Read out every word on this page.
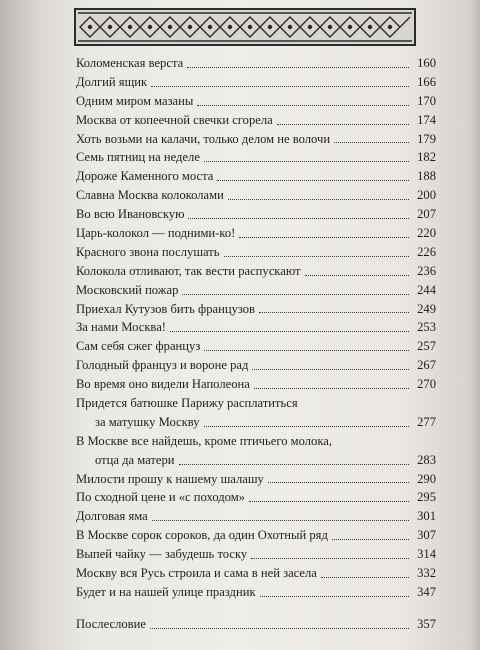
Коломенская верста	160
Долгий ящик	166
Одним миром мазаны	170
Москва от копеечной свечки сгорела	174
Хоть возьми на калачи, только делом не волочи	179
Семь пятниц на неделе	182
Дороже Каменного моста	188
Славна Москва колоколами	200
Во всю Ивановскую	207
Царь-колокол — подними-ко!	220
Красного звона послушать	226
Колокола отливают, так вести распускают	236
Московский пожар	244
Приехал Кутузов бить французов	249
За нами Москва!	253
Сам себя сжег француз	257
Голодный француз и вороне рад	267
Во время оно видели Наполеона	270
Придется батюшке Парижу расплатиться
за матушку Москву	277
В Москве все найдешь, кроме птичьего молока,
отца да матери	283
Милости прошу к нашему шалашу	290
По сходной цене и «с походом»	295
Долговая яма	301
В Москве сорок сороков, да один Охотный ряд	307
Выпей чайку — забудешь тоску	314
Москву вся Русь строила и сама в ней засела	332
Будет и на нашей улице праздник	347
Послесловие	357
